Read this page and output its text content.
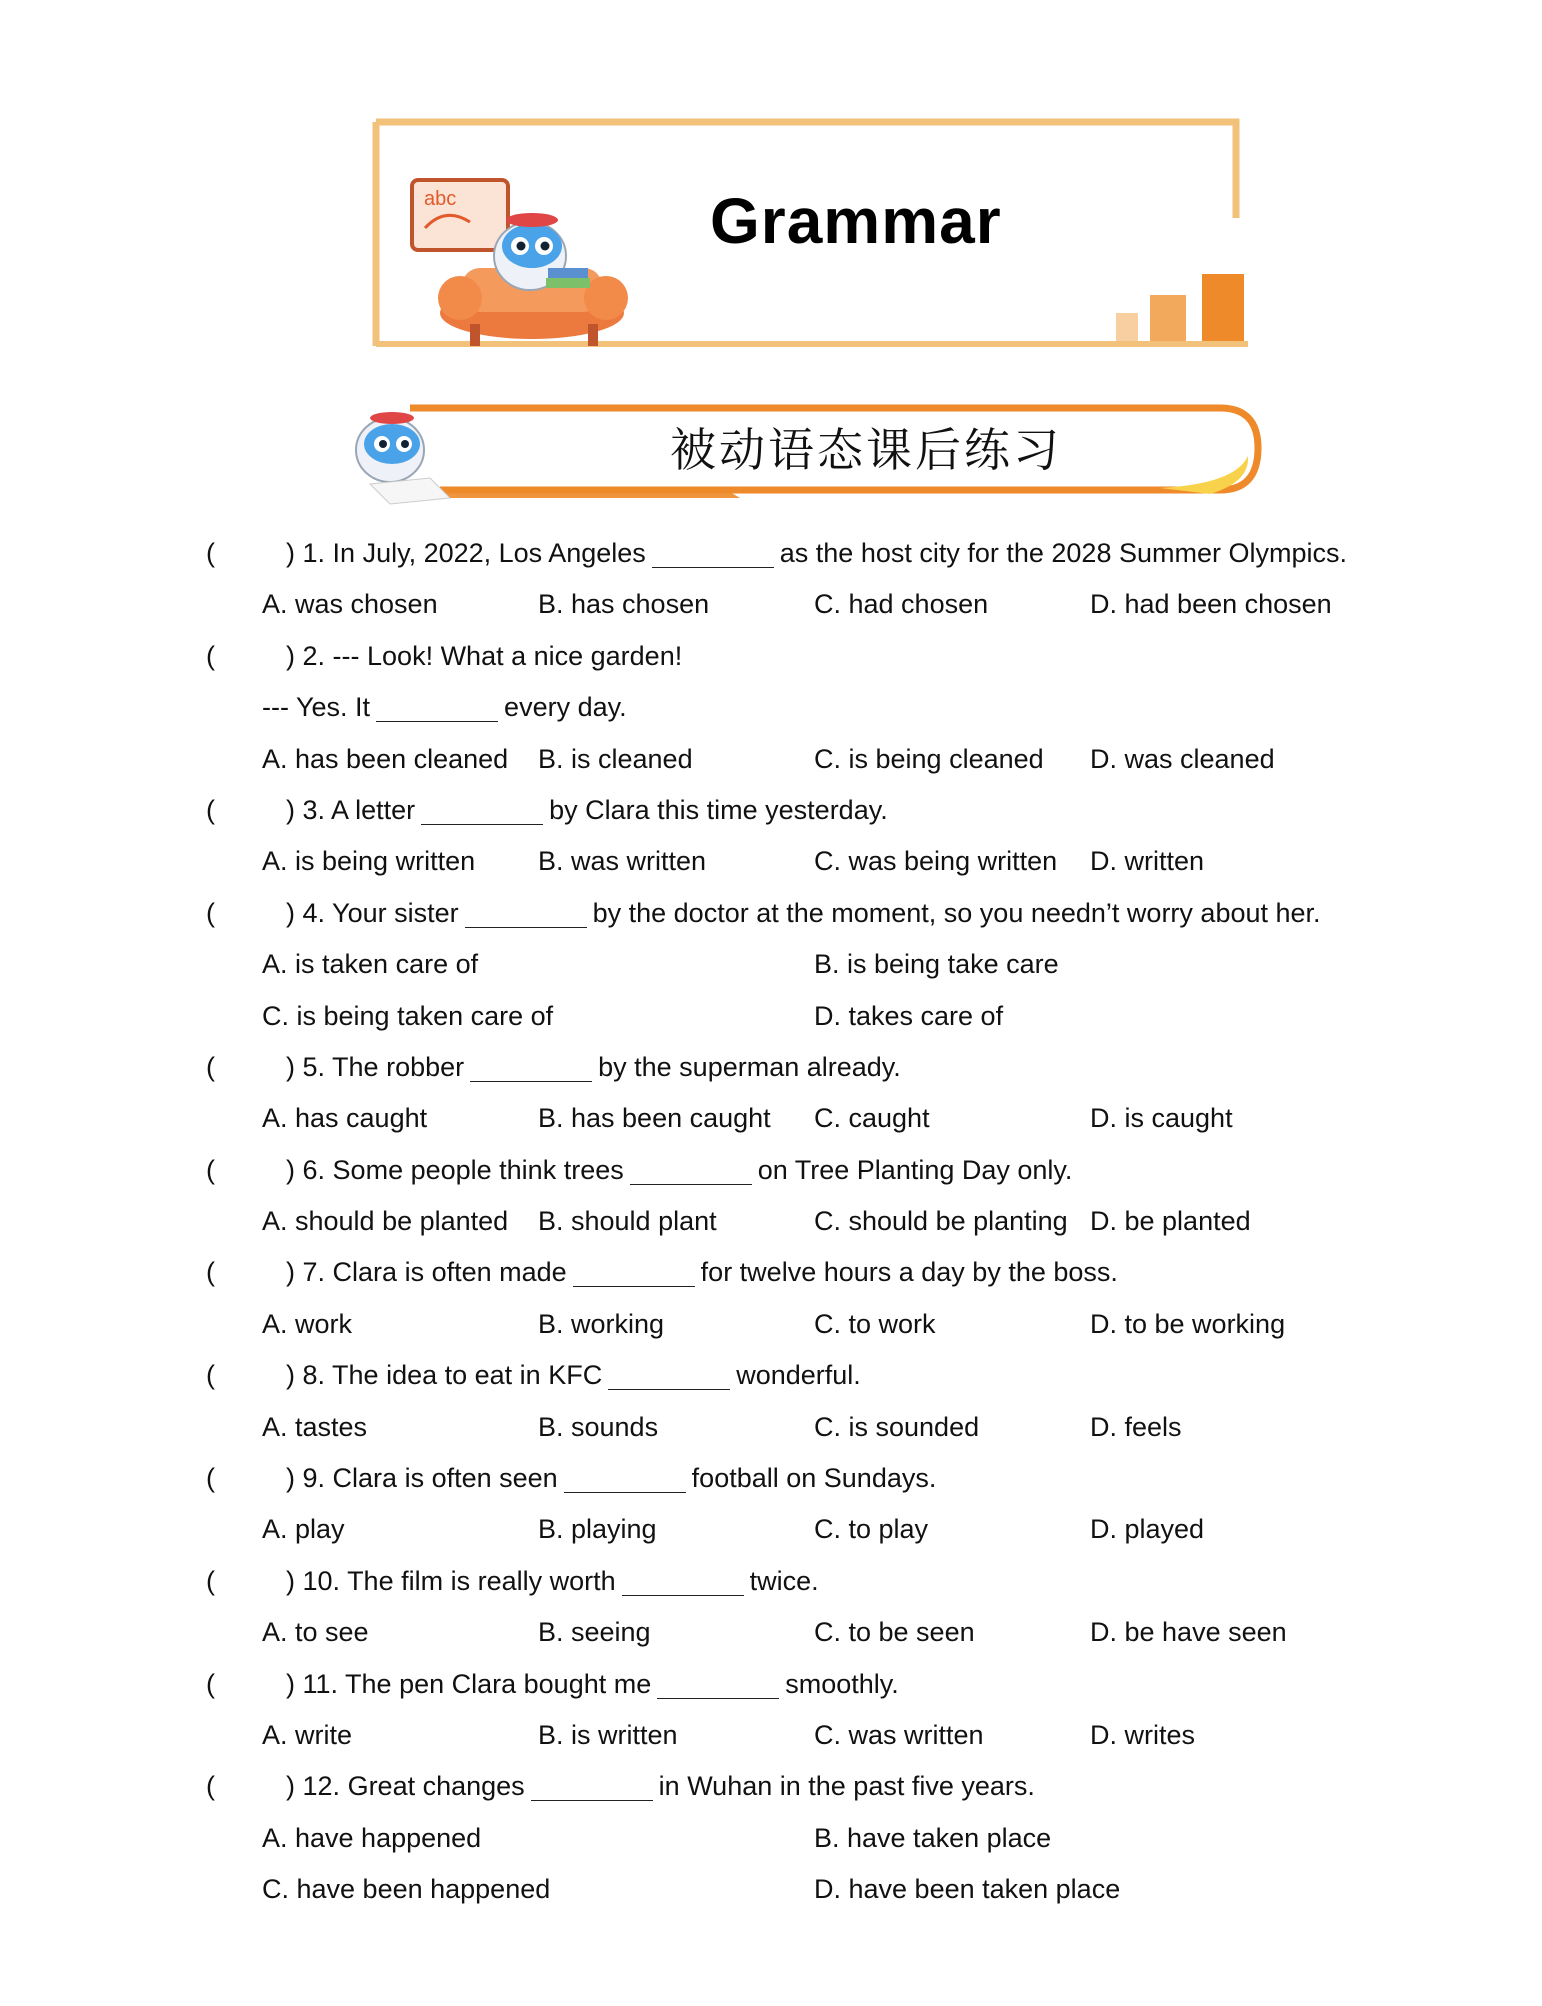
abc	Grammar
被动语态课后练习
(	) 1. In July, 2022, Los Angeles	as the host city for the 2028 Summer Olympics.
A. was chosen	B. has chosen	C. had chosen	D. had been chosen
(	) 2. --- Look! What a nice garden!
--- Yes. It	every day.
A. has been cleaned B. is cleaned	C. is being cleaned D. was cleaned
(	) 3. A letter	by Clara this time yesterday.
A. is being written B. was written	C. was being written D. written
(	) 4. Your sister	by the doctor at the moment, so you needn’t worry about her.
A. is taken care of	B. is being take care
C. is being taken care of	D. takes care of
(	) 5. The robber	by the superman already.
A. has caught	B. has been caught C. caught	D. is caught
(	) 6. Some people think trees	on Tree Planting Day only.
A. should be planted B. should plant	C. should be planting D. be planted
(	) 7. Clara is often made	for twelve hours a day by the boss.
A. work	B. working	C. to work	D. to be working
(	) 8. The idea to eat in KFC	wonderful.
A. tastes	B. sounds	C. is sounded	D. feels
(	) 9. Clara is often seen	football on Sundays.
A. play	B. playing	C. to play	D. played
(	) 10. The film is really worth	twice.
A. to see	B. seeing	C. to be seen	D. be have seen
(	) 11. The pen Clara bought me	smoothly.
A. write	B. is written	C. was written	D. writes
(	) 12. Great changes	in Wuhan in the past five years.
A. have happened	B. have taken place
C. have been happened	D. have been taken place
